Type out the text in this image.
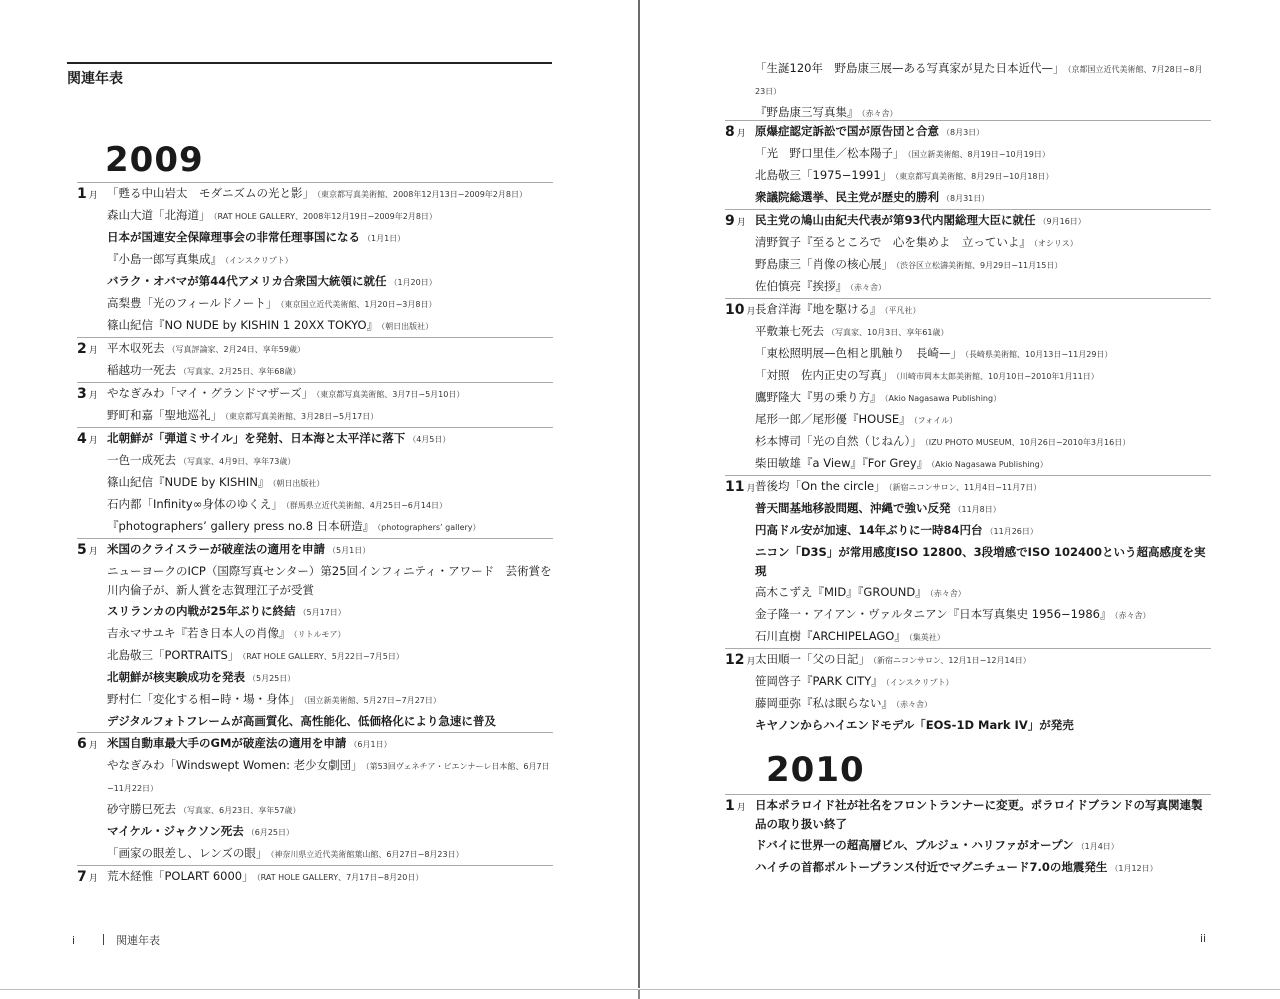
関連年表
2009
1 月 「甦る中山岩太　モダニズムの光と影」 （東京都写真美術館、2008年12月13日−2009年2月8日）
森山大道「北海道」 （RAT HOLE GALLERY、2008年12月19日−2009年2月8日）
日本が国連安全保障理事会の非常任理事国になる （1月1日）
『小島一郎写真集成』 （インスクリプト）
バラク・オバマが第44代アメリカ合衆国大統領に就任 （1月20日）
高梨豊「光のフィールドノート」 （東京国立近代美術館、1月20日−3月8日）
篠山紀信『NO NUDE by KISHIN 1 20XX TOKYO』 （朝日出版社）
2 月 平木収死去 （写真評論家、2月24日、享年59歳）
稲越功一死去 （写真家、2月25日、享年68歳）
3 月 やなぎみわ「マイ・グランドマザーズ」 （東京都写真美術館、3月7日−5月10日）
野町和嘉「聖地巡礼」 （東京都写真美術館、3月28日−5月17日）
4 月 北朝鮮が「弾道ミサイル」を発射、日本海と太平洋に落下 （4月5日）
一色一成死去 （写真家、4月9日、享年73歳）
篠山紀信『NUDE by KISHIN』 （朝日出版社）
石内都「Infinity∞身体のゆくえ」 （群馬県立近代美術館、4月25日−6月14日）
『photographers’ gallery press no.8 日本研造』 （photographers’ gallery）
5 月 米国のクライスラーが破産法の適用を申請 （5月1日）
ニューヨークのICP（国際写真センター）第25回インフィニティ・アワード　芸術賞を川内倫子が、新人賞を志賀理江子が受賞
スリランカの内戦が25年ぶりに終結 （5月17日）
吉永マサユキ『若き日本人の肖像』 （リトルモア）
北島敬三「PORTRAITS」 （RAT HOLE GALLERY、5月22日−7月5日）
北朝鮮が核実験成功を発表 （5月25日）
野村仁「変化する相−時・場・身体」 （国立新美術館、5月27日−7月27日）
デジタルフォトフレームが高画質化、高性能化、低価格化により急速に普及
6 月 米国自動車最大手のGMが破産法の適用を申請 （6月1日）
やなぎみわ「Windswept Women: 老少女劇団」 （第53回ヴェネチア・ビエンナーレ日本館、6月7日−11月22日）
砂守勝巳死去 （写真家、6月23日、享年57歳）
マイケル・ジャクソン死去 （6月25日）
「画家の眼差し、レンズの眼」 （神奈川県立近代美術館葉山館、6月27日−8月23日）
7 月 荒木経惟「POLART 6000」 （RAT HOLE GALLERY、7月17日−8月20日）
i	関連年表
「生誕120年　野島康三展—ある写真家が見た日本近代—」 （京都国立近代美術館、7月28日−8月23日）
『野島康三写真集』 （赤々舎）
8 月 原爆症認定訴訟で国が原告団と合意 （8月3日）
「光　野口里佳／松本陽子」 （国立新美術館、8月19日−10月19日）
北島敬三「1975−1991」 （東京都写真美術館、8月29日−10月18日）
衆議院総選挙、民主党が歴史的勝利 （8月31日）
9 月 民主党の鳩山由紀夫代表が第93代内閣総理大臣に就任 （9月16日）
清野賀子『至るところで　心を集めよ　立っていよ』 （オシリス）
野島康三「肖像の核心展」 （渋谷区立松濤美術館、9月29日−11月15日）
佐伯慎亮『挨拶』 （赤々舎）
10 月 長倉洋海『地を駆ける』 （平凡社）
平敷兼七死去 （写真家、10月3日、享年61歳）
「東松照明展—色相と肌触り　長崎—」 （長崎県美術館、10月13日−11月29日）
「対照　佐内正史の写真」 （川崎市岡本太郎美術館、10月10日−2010年1月11日）
鷹野隆大『男の乗り方』 （Akio Nagasawa Publishing）
尾形一郎／尾形優『HOUSE』 （フォイル）
杉本博司「光の自然（じねん）」 （IZU PHOTO MUSEUM、10月26日−2010年3月16日）
柴田敏雄『a View』『For Grey』 （Akio Nagasawa Publishing）
11 月 普後均「On the circle」 （新宿ニコンサロン、11月4日−11月7日）
普天間基地移設問題、沖縄で強い反発 （11月8日）
円高ドル安が加速、14年ぶりに一時84円台 （11月26日）
ニコン「D3S」が常用感度ISO 12800、3段増感でISO 102400という超高感度を実現
高木こずえ『MID』『GROUND』 （赤々舎）
金子隆一・アイアン・ヴァルタニアン『日本写真集史 1956−1986』 （赤々舎）
石川直樹『ARCHIPELAGO』 （集英社）
12 月 太田順一「父の日記」 （新宿ニコンサロン、12月1日−12月14日）
笹岡啓子『PARK CITY』 （インスクリプト）
藤岡亜弥『私は眠らない』 （赤々舎）
キヤノンからハイエンドモデル「EOS-1D Mark IV」が発売
2010
1 月 日本ポラロイド社が社名をフロントランナーに変更。ポラロイドブランドの写真関連製品の取り扱い終了
ドバイに世界一の超高層ビル、ブルジュ・ハリファがオープン （1月4日）
ハイチの首都ポルトープランス付近でマグニチュード7.0の地震発生 （1月12日）
ii
